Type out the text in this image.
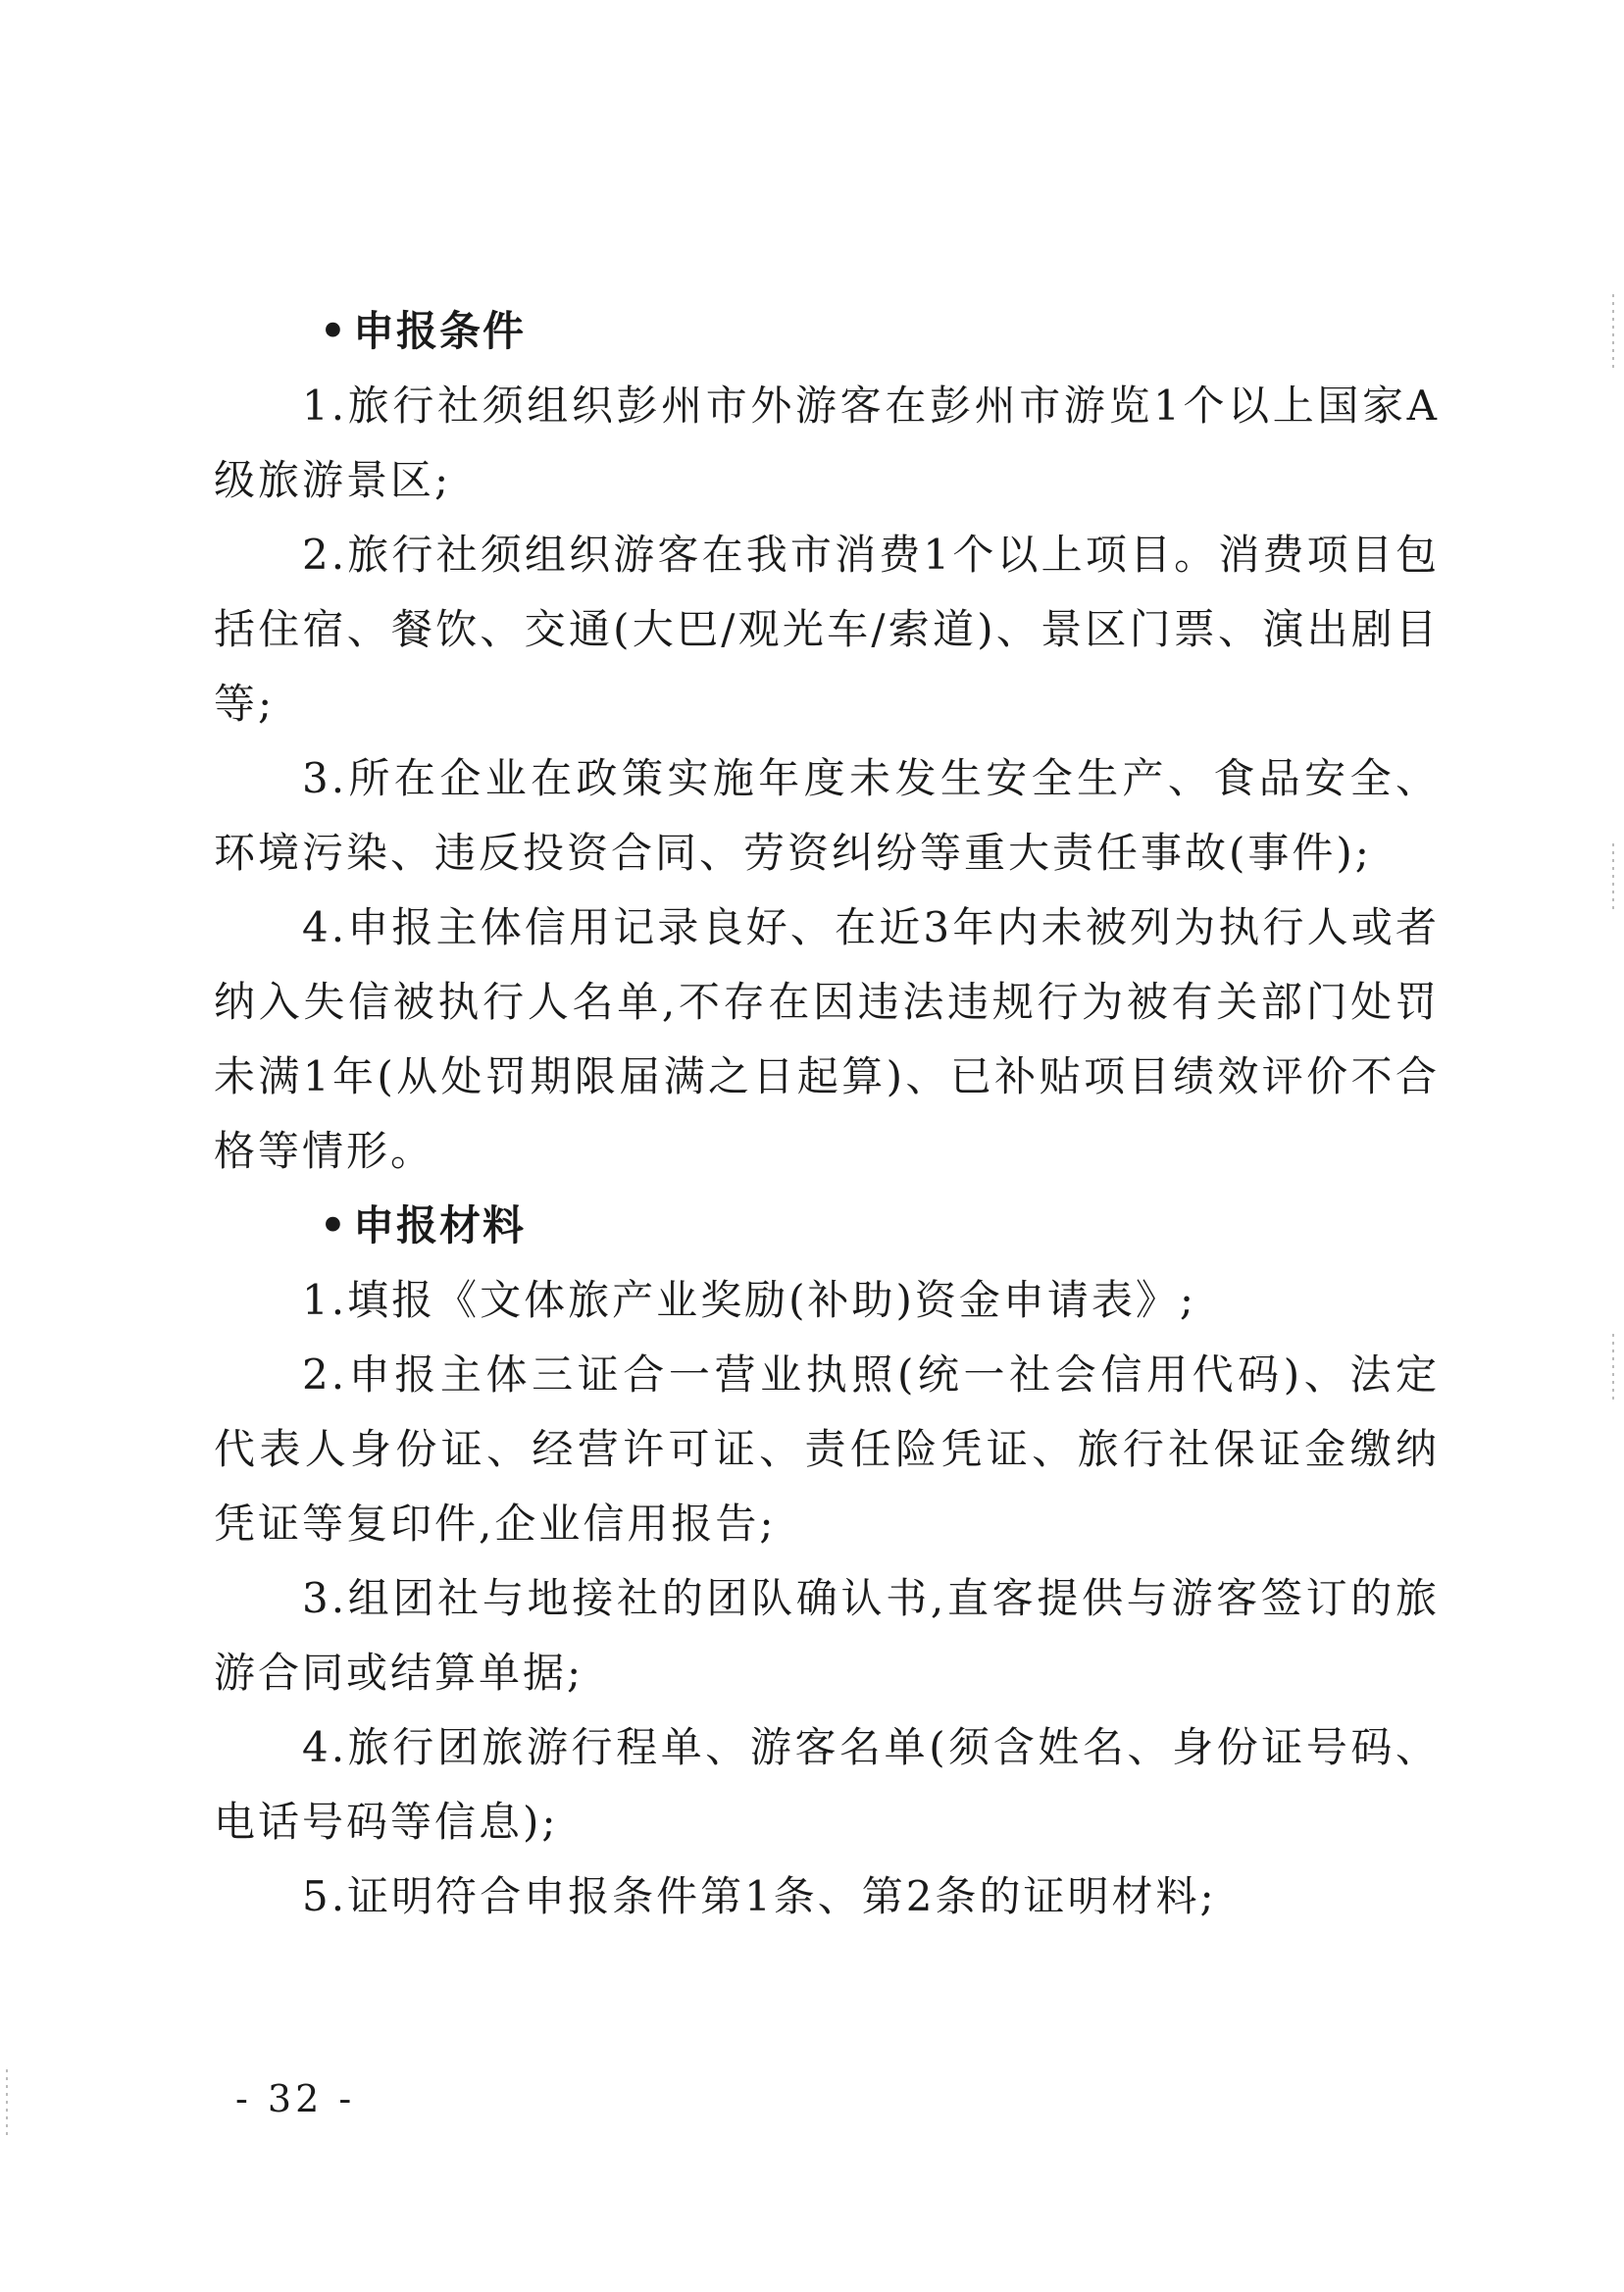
• 申报条件

1.旅行社须组织彭州市外游客在彭州市游览1个以上国家A级旅游景区;

2.旅行社须组织游客在我市消费1个以上项目。消费项目包括住宿、餐饮、交通(大巴/观光车/索道)、景区门票、演出剧目等;

3.所在企业在政策实施年度未发生安全生产、食品安全、环境污染、违反投资合同、劳资纠纷等重大责任事故(事件);

4.申报主体信用记录良好、在近3年内未被列为执行人或者纳入失信被执行人名单,不存在因违法违规行为被有关部门处罚未满1年(从处罚期限届满之日起算)、已补贴项目绩效评价不合格等情形。

• 申报材料

1.填报《文体旅产业奖励(补助)资金申请表》;

2.申报主体三证合一营业执照(统一社会信用代码)、法定代表人身份证、经营许可证、责任险凭证、旅行社保证金缴纳凭证等复印件,企业信用报告;

3.组团社与地接社的团队确认书,直客提供与游客签订的旅游合同或结算单据;

4.旅行团旅游行程单、游客名单(须含姓名、身份证号码、电话号码等信息);

5.证明符合申报条件第1条、第2条的证明材料;

- 32 -
